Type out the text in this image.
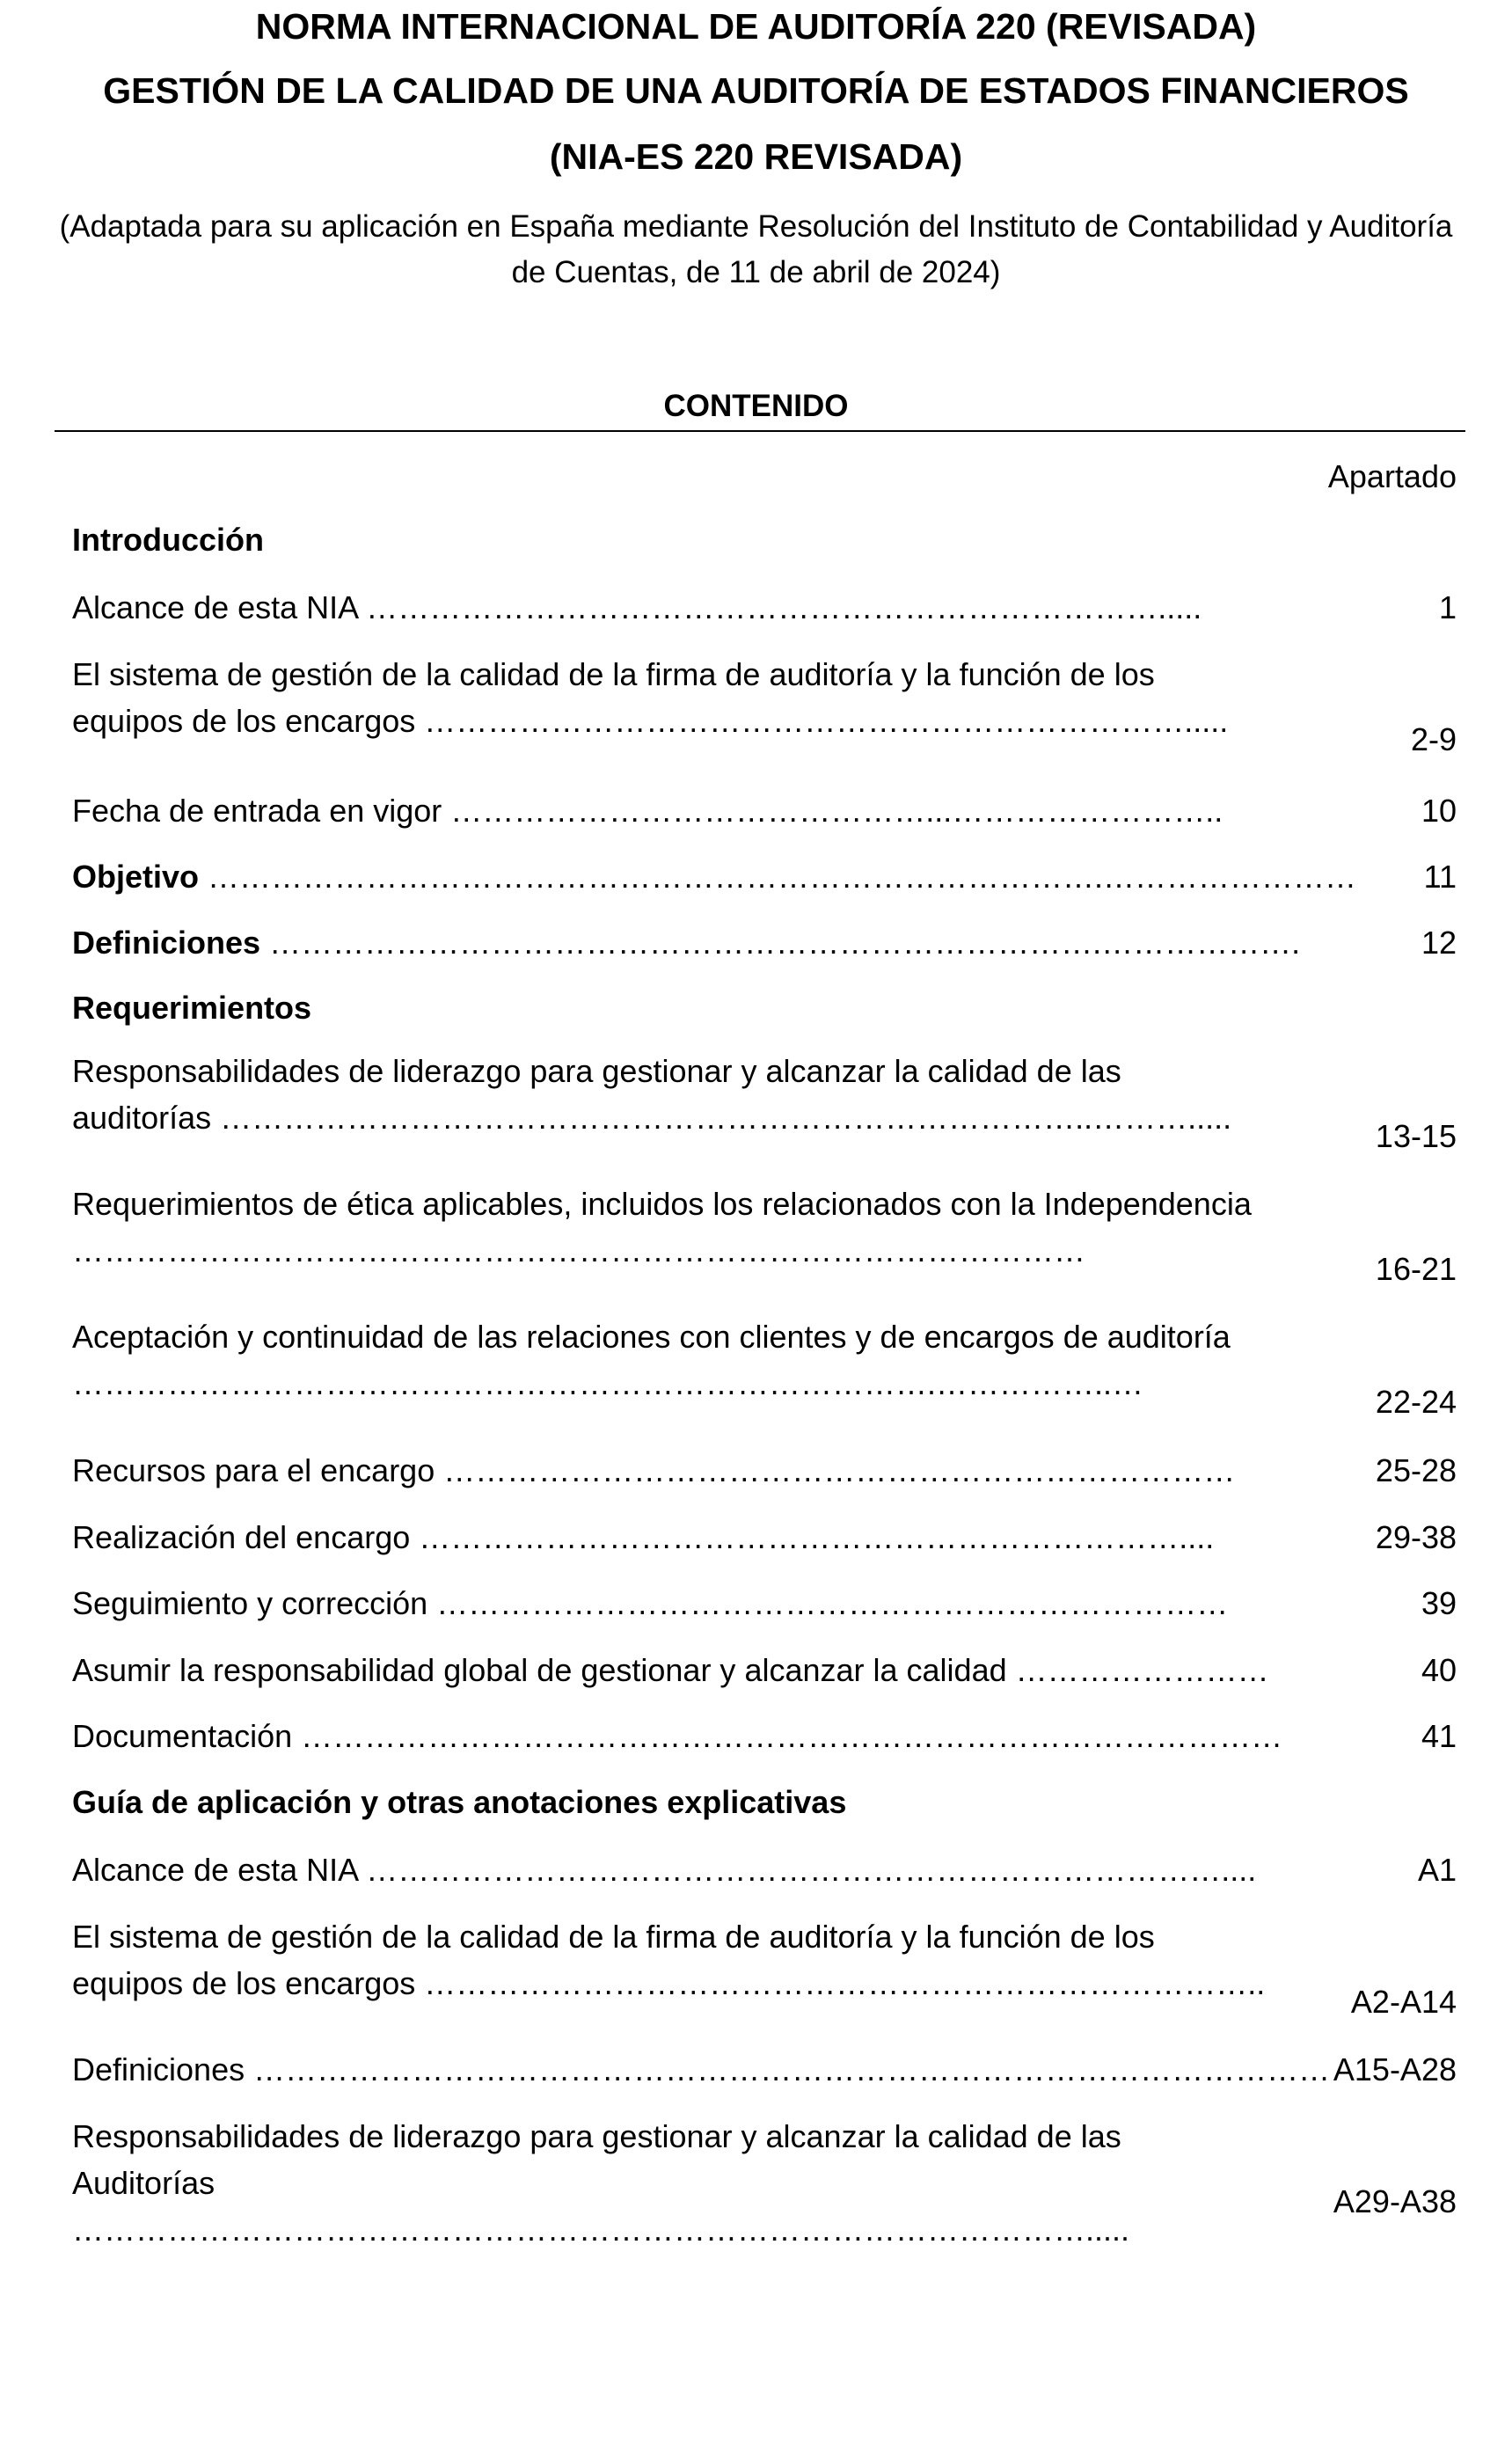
NORMA INTERNACIONAL DE AUDITORÍA 220 (REVISADA)
GESTIÓN DE LA CALIDAD DE UNA AUDITORÍA DE ESTADOS FINANCIEROS
(NIA-ES 220 REVISADA)
(Adaptada para su aplicación en España mediante Resolución del Instituto de Contabilidad y Auditoría de Cuentas, de 11 de abril de 2024)
CONTENIDO
Apartado
Introducción
Alcance de esta NIA ………………………………………………………………….....	1
El sistema de gestión de la calidad de la firma de auditoría y la función de los equipos de los encargos ……………………………………………………………….....
2-9
Fecha de entrada en vigor ………………………………………...……………………..	10
Objetivo ………………………………………………………………………….…………………… 11
Definiciones …………………………………………………………………….……………….	12
Requerimientos
Responsabilidades de liderazgo para gestionar y alcanzar la calidad de las auditorías ………………………………………………………………………..……….....
13-15
Requerimientos de ética aplicables, incluidos los relacionados con la Independencia ……………………………………………………………………………………
16-21
Aceptación y continuidad de las relaciones con clientes y de encargos de auditoría ……………………………………………………………………….……………..…
22-24
Recursos para el encargo …………………………………………………………………	25-28
Realización del encargo ………………………………………………………………....	29-38
Seguimiento y corrección …………………………………………………………………	39
Asumir la responsabilidad global de gestionar y alcanzar la calidad ……………………	40
Documentación …………………………………………………………………………………	41
Guía de aplicación y otras anotaciones explicativas
Alcance de esta NIA ………………………………………………………………………....	A1
El sistema de gestión de la calidad de la firma de auditoría y la función de los equipos de los encargos ……………………………………………………………………..
A2-A14
Definiciones ………………………………………………………………………………………… A15-A28
Responsabilidades de liderazgo para gestionar y alcanzar la calidad de las Auditorías …………………………………………………………………………………….....
A29-A38
